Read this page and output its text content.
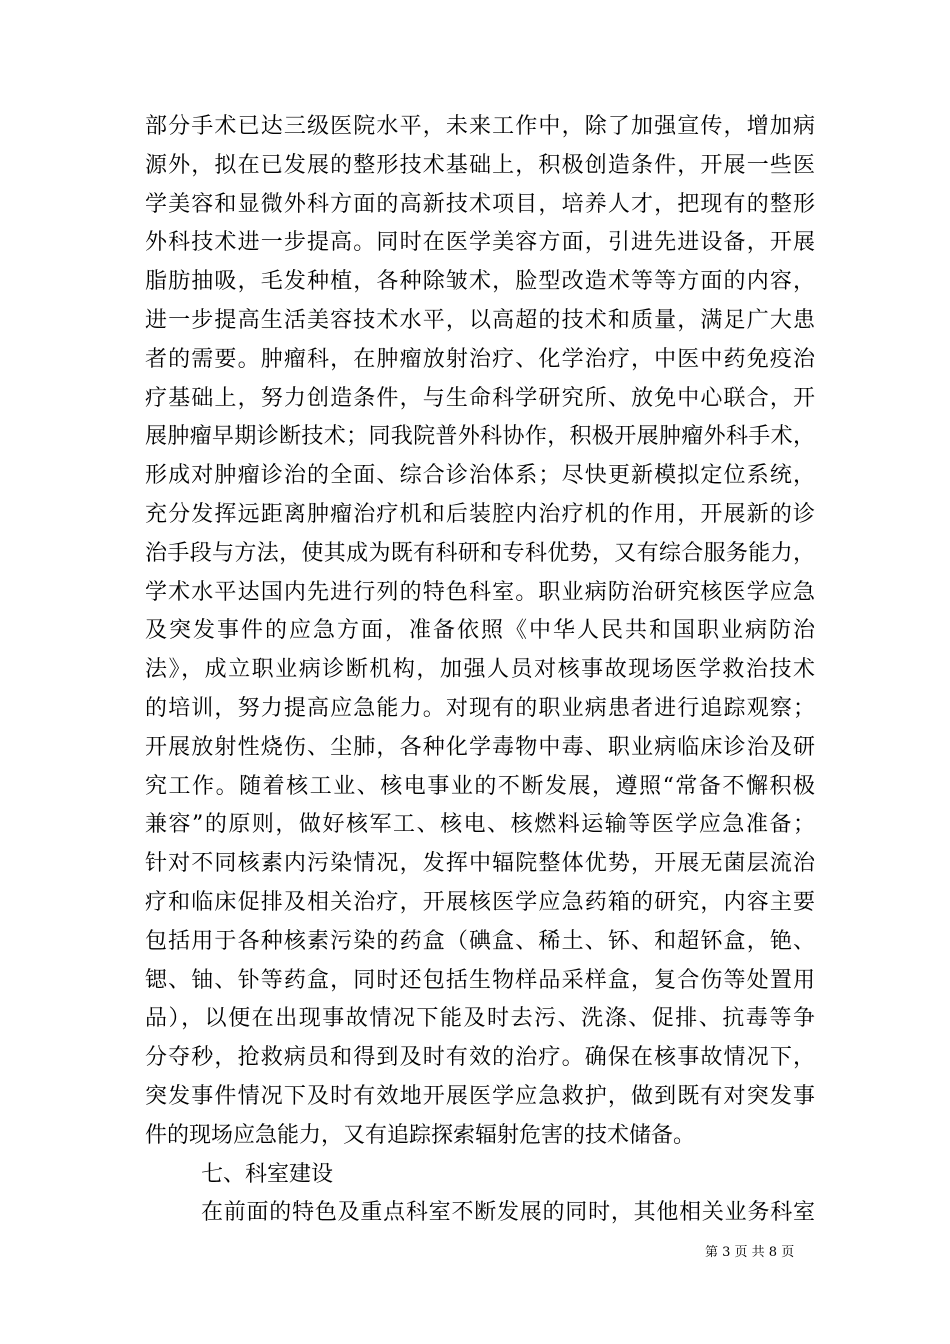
部分手术已达三级医院水平，未来工作中，除了加强宣传，增加病
源外，拟在已发展的整形技术基础上，积极创造条件，开展一些医
学美容和显微外科方面的高新技术项目，培养人才，把现有的整形
外科技术进一步提高。同时在医学美容方面，引进先进设备，开展
脂肪抽吸，毛发种植，各种除皱术，脸型改造术等等方面的内容，
进一步提高生活美容技术水平，以高超的技术和质量，满足广大患
者的需要。肿瘤科，在肿瘤放射治疗、化学治疗，中医中药免疫治
疗基础上，努力创造条件，与生命科学研究所、放免中心联合，开
展肿瘤早期诊断技术；同我院普外科协作，积极开展肿瘤外科手术，
形成对肿瘤诊治的全面、综合诊治体系；尽快更新模拟定位系统，
充分发挥远距离肿瘤治疗机和后装腔内治疗机的作用，开展新的诊
治手段与方法，使其成为既有科研和专科优势，又有综合服务能力，
学术水平达国内先进行列的特色科室。职业病防治研究核医学应急
及突发事件的应急方面，准备依照《中华人民共和国职业病防治
法》，成立职业病诊断机构，加强人员对核事故现场医学救治技术
的培训，努力提高应急能力。对现有的职业病患者进行追踪观察；
开展放射性烧伤、尘肺，各种化学毒物中毒、职业病临床诊治及研
究工作。随着核工业、核电事业的不断发展，遵照“常备不懈积极
兼容”的原则，做好核军工、核电、核燃料运输等医学应急准备；
针对不同核素内污染情况，发挥中辐院整体优势，开展无菌层流治
疗和临床促排及相关治疗，开展核医学应急药箱的研究，内容主要
包括用于各种核素污染的药盒（碘盒、稀土、钚、和超钚盒，铯、
锶、铀、钋等药盒，同时还包括生物样品采样盒，复合伤等处置用
品），以便在出现事故情况下能及时去污、洗涤、促排、抗毒等争
分夺秒，抢救病员和得到及时有效的治疗。确保在核事故情况下，
突发事件情况下及时有效地开展医学应急救护，做到既有对突发事
件的现场应急能力，又有追踪探索辐射危害的技术储备。
七、科室建设
在前面的特色及重点科室不断发展的同时，其他相关业务科室
第 3 页 共 8 页
